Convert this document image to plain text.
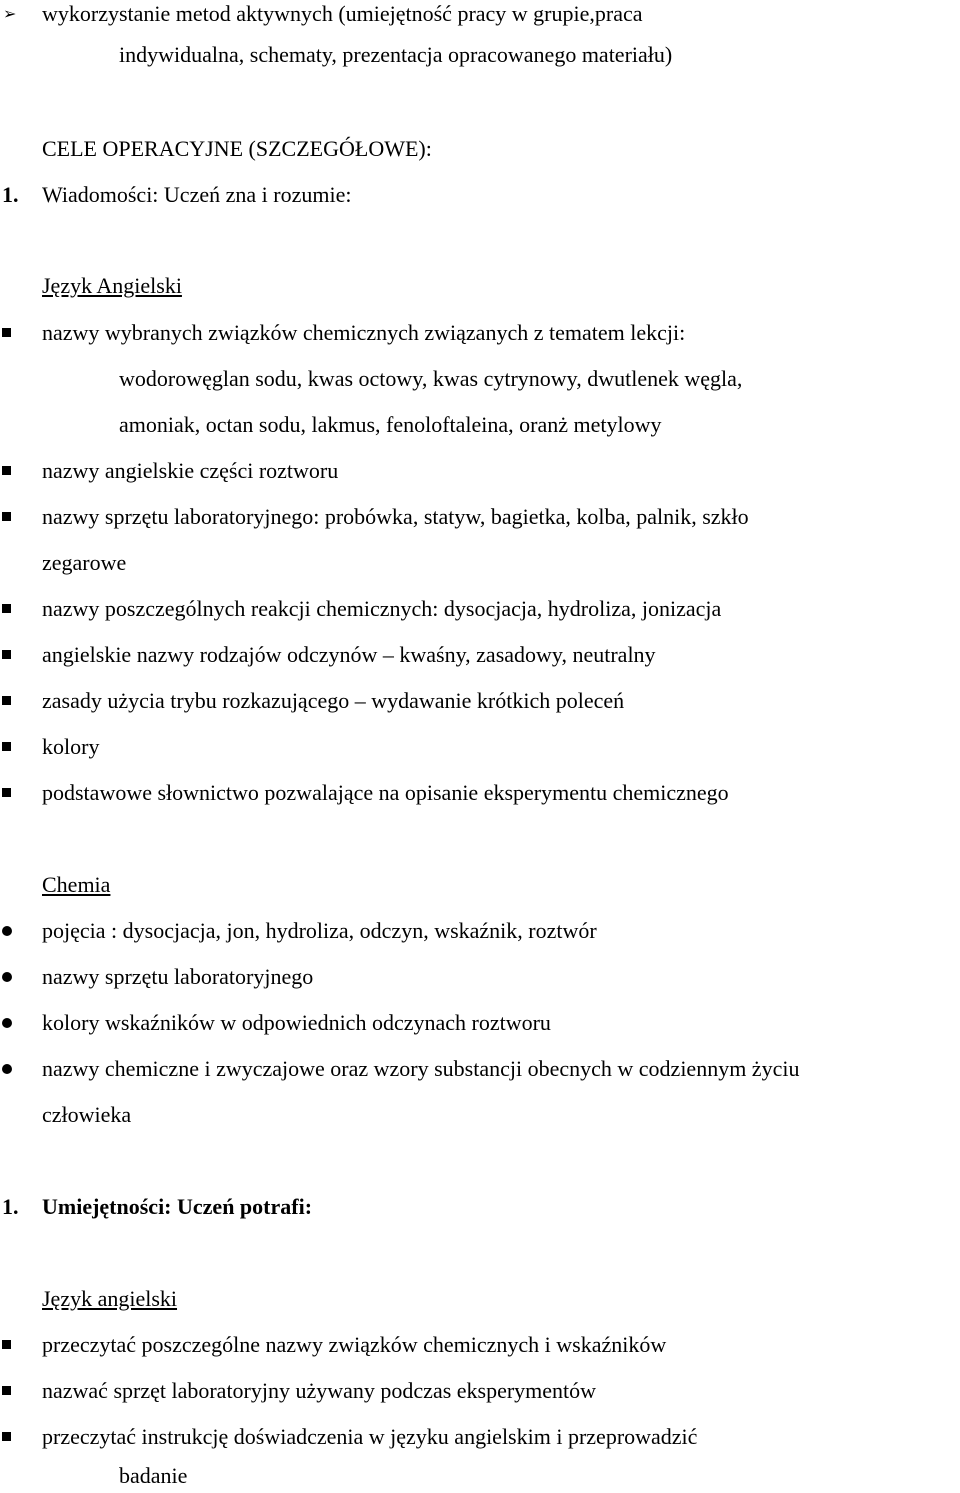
➢ wykorzystanie metod aktywnych (umiejętność pracy w grupie,praca
indywidualna, schematy, prezentacja opracowanego materiału)
CELE OPERACYJNE (SZCZEGÓŁOWE):
1. Wiadomości: Uczeń zna i rozumie:
Język Angielski
nazwy wybranych związków chemicznych związanych z tematem lekcji:
wodorowęglan sodu, kwas octowy, kwas cytrynowy, dwutlenek węgla,
amoniak, octan sodu, lakmus, fenoloftaleina, oranż metylowy
nazwy angielskie części roztworu
nazwy sprzętu laboratoryjnego: probówka, statyw, bagietka, kolba, palnik, szkło
zegarowe
nazwy poszczególnych reakcji chemicznych: dysocjacja, hydroliza, jonizacja
angielskie nazwy rodzajów odczynów – kwaśny, zasadowy, neutralny
zasady użycia trybu rozkazującego – wydawanie krótkich poleceń
kolory
podstawowe słownictwo pozwalające na opisanie eksperymentu chemicznego
Chemia
pojęcia : dysocjacja, jon, hydroliza, odczyn, wskaźnik, roztwór
nazwy sprzętu laboratoryjnego
kolory wskaźników w odpowiednich odczynach roztworu
nazwy chemiczne i zwyczajowe oraz wzory substancji obecnych w codziennym życiu
człowieka
1. Umiejętności: Uczeń potrafi:
Język angielski
przeczytać poszczególne nazwy związków chemicznych i wskaźników
nazwać sprzęt laboratoryjny używany podczas eksperymentów
przeczytać instrukcję doświadczenia w języku angielskim i przeprowadzić
badanie
